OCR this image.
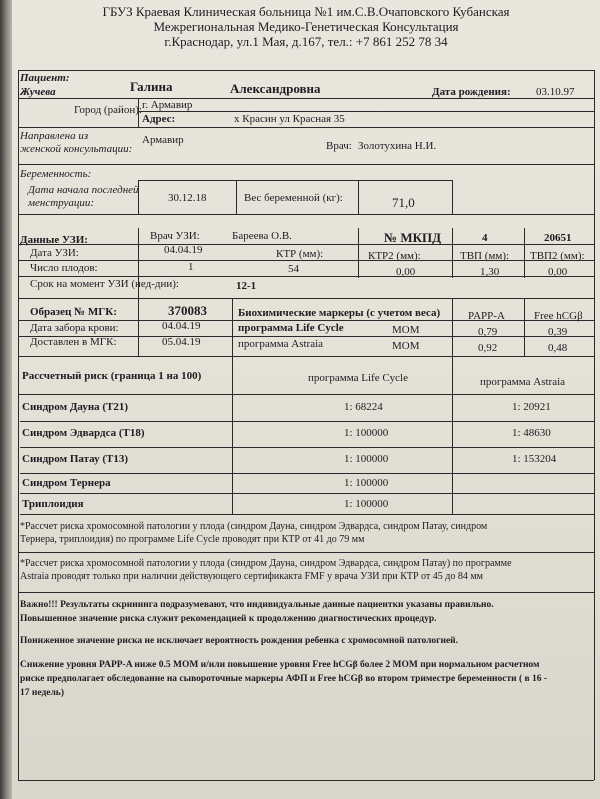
ГБУЗ Краевая Клиническая больница №1 им.С.В.Очаповского Кубанская
Межрегиональная Медико-Генетическая Консультация
г.Краснодар, ул.1 Мая, д.167, тел.: +7 861 252 78 34
Пациент:
Жучева	Галина	Александровна	Дата рождения: 03.10.97
Город (район): г. Армавир
Адрес:	х Красин ул Красная 35
Направлена из
женской консультации:
Армавир	Врач: Золотухина Н.И.
Беременность:
Дата начала последней
менструации:	30.12.18	Вес беременной (кг):	71,0
Данные УЗИ:	Врач УЗИ:	Бареева О.В.	№ МКПД	4	20651
Дата УЗИ:	04.04.19	КТР (мм):	КТР2 (мм):	ТВП (мм): ТВП2 (мм):
Число плодов:	1	54	0,00	1,30	0,00
Срок на момент УЗИ (нед-дни):	12-1
Образец № МГК:	370083	Биохимические маркеры (с учетом веса)	PAPP-A	Free hCGβ
Дата забора крови:	04.04.19	программа Life Cycle	MOM	0,79	0,39
Доставлен в МГК:	05.04.19	программа Astraia	MOM	0,92	0,48
Рассчетный риск (граница 1 на 100)	программа Life Cycle	программа Astraia
Синдром Дауна (Т21)	1: 68224	1: 20921
Синдром Эдвардса (Т18)	1: 100000	1: 48630
Синдром Патау (Т13)	1: 100000	1: 153204
Синдром Тернера	1: 100000
Триплоидия	1: 100000
*Рассчет риска хромосомной патологии у плода (синдром Дауна, синдром Эдвардса, синдром Патау, синдром
Тернера, триплоидия) по программе Life Cycle проводят при КТР от 41 до 79 мм
*Рассчет риска хромосомной патологии у плода (синдром Дауна, синдром Эдвардса, синдром Патау) по программе
Astraia проводят только при наличии действующего сертификакта FMF у врача УЗИ при КТР от 45 до 84 мм
Важно!!! Результаты скрининга подразумевают, что индивидуальные данные пациентки указаны правильно.
Повышенное значение риска служит рекомендацией к продолжению диагностических процедур.
Пониженное значение риска не исключает вероятность рождения ребенка с хромосомной патологией.
Снижение уровня PAPP-A ниже 0.5 MOM и/или повышение уровня Free hCGβ более 2 MOM при нормальном расчетном
риске предполагает обследование на сывороточные маркеры АФП и Free hCGβ во втором триместре беременности ( в 16 -
17 недель)
